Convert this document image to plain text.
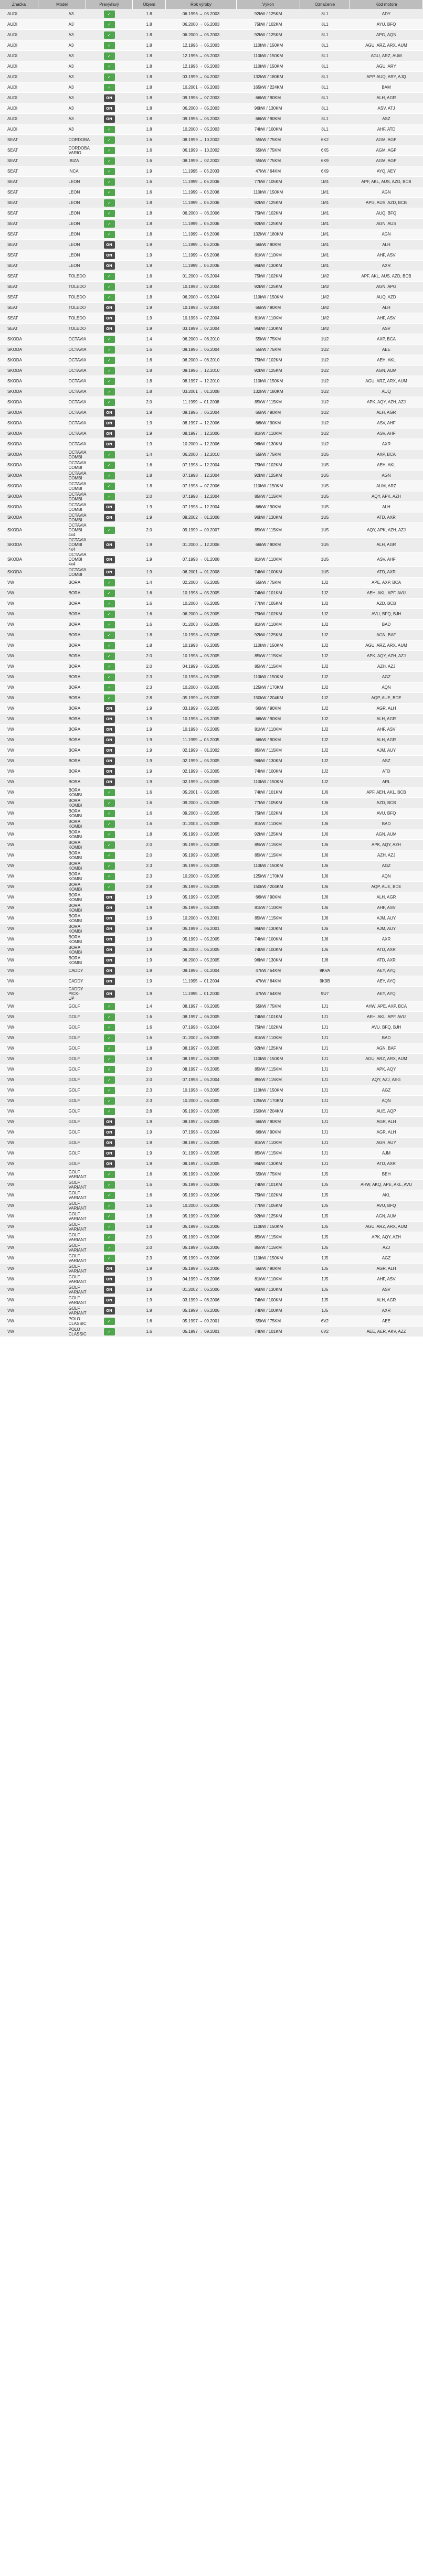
Značka	Model	Pravý/ľavý	Objem	Rok výroby	Výkon	Označenie	Kód motora
AUDI	A3	✓	1.8	06.1996 → 05.2003	92kW / 125KM	8L1	ADY
AUDI	A3	✓	1.8	06.2000 → 05.2003	75kW / 102KM	8L1	AYU, BFQ
AUDI	A3	✓	1.8	06.2000 → 05.2003	92kW / 125KM	8L1	APG, AQN
AUDI	A3	✓	1.8	12.1996 → 05.2003	110kW / 150KM	8L1	AGU, ARZ, ARX, AUM
AUDI	A3	✓	1.8	12.1996 → 05.2003	110kW / 150KM	8L1	AGU, ARZ, AUM
AUDI	A3	✓	1.8	12.1996 → 05.2003	110kW / 150KM	8L1	AGU, ARY
AUDI	A3	✓	1.8	03.1999 → 04.2002	132kW / 180KM	8L1	APP, AUQ, ARY, AJQ
AUDI	A3	✓	1.8	10.2001 → 05.2003	165kW / 224KM	8L1	BAM
AUDI	A3	ON	1.8	09.1996 → 07.2003	66kW / 90KM	8L1	ALH, AGR
AUDI	A3	ON	1.8	06.2000 → 05.2003	96kW / 130KM	8L1	ASV, ATJ
AUDI	A3	ON	1.8	09.1996 → 05.2003	66kW / 90KM	8L1	ASZ
AUDI	A3	✓	1.8	10.2000 → 05.2003	74kW / 100KM	8L1	AHF, ATD
SEAT	CORDOBA	✓	1.6	08.1999 → 10.2002	55kW / 75KM	6K2	AGM, AGP
SEAT	CORDOBA VARIO	✓	1.6	06.1999 → 10.2002	55kW / 75KM	6K5	AGM, AGP
SEAT	IBIZA	✓	1.6	08.1999 → 02.2002	55kW / 75KM	6K9	AGM, AGP
SEAT	INCA	✓	1.9	11.1995 → 06.2003	47kW / 64KM	6K9	AYQ, AEY
SEAT	LEON	✓	1.6	11.1999 → 06.2006	77kW / 105KM	1M1	APF, AKL, AUS, AZD, BCB
SEAT	LEON	✓	1.6	11.1999 → 06.2006	110kW / 150KM	1M1	AGN
SEAT	LEON	✓	1.8	11.1999 → 06.2006	92kW / 125KM	1M1	APG, AUS, AZD, BCB
SEAT	LEON	✓	1.8	06.2000 → 06.2006	75kW / 102KM	1M1	AUQ, BFQ
SEAT	LEON	✓	1.8	11.1999 → 06.2006	92kW / 125KM	1M1	AGN, AUS
SEAT	LEON	✓	1.8	11.1999 → 06.2006	132kW / 180KM	1M1	AGN
SEAT	LEON	ON	1.9	11.1999 → 06.2006	66kW / 90KM	1M1	ALH
SEAT	LEON	ON	1.9	11.1999 → 06.2006	81kW / 110KM	1M1	AHF, ASV
SEAT	LEON	ON	1.9	11.1999 → 06.2006	96kW / 130KM	1M1	AXR
SEAT	TOLEDO	✓	1.6	01.2000 → 05.2004	75kW / 102KM	1M2	APF, AKL, AUS, AZD, BCB
SEAT	TOLEDO	✓	1.8	10.1998 → 07.2004	92kW / 125KM	1M2	AGN, APG
SEAT	TOLEDO	✓	1.8	06.2000 → 05.2004	110kW / 150KM	1M2	AUQ, AZD
SEAT	TOLEDO	ON	1.9	10.1998 → 07.2004	66kW / 90KM	1M2	ALH
SEAT	TOLEDO	ON	1.9	10.1998 → 07.2004	81kW / 110KM	1M2	AHF, ASV
SEAT	TOLEDO	ON	1.9	03.1999 → 07.2004	96kW / 130KM	1M2	ASV
SKODA	OCTAVIA	✓	1.4	06.2000 → 06.2010	55kW / 75KM	1U2	AXP, BCA
SKODA	OCTAVIA	✓	1.6	09.1996 → 06.2004	55kW / 75KM	1U2	AEE
SKODA	OCTAVIA	✓	1.6	06.2000 → 06.2010	75kW / 102KM	1U2	AEH, AKL
SKODA	OCTAVIA	✓	1.8	09.1996 → 12.2010	92kW / 125KM	1U2	AGN, AUM
SKODA	OCTAVIA	✓	1.8	08.1997 → 12.2010	110kW / 150KM	1U2	AGU, ARZ, ARX, AUM
SKODA	OCTAVIA	✓	1.8	03.2001 → 01.2008	132kW / 180KM	1U2	AUQ
SKODA	OCTAVIA	✓	2.0	11.1999 → 01.2008	85kW / 115KM	1U2	APK, AQY, AZH, AZJ
SKODA	OCTAVIA	ON	1.9	09.1996 → 06.2004	66kW / 90KM	1U2	ALH, AGR
SKODA	OCTAVIA	ON	1.9	08.1997 → 12.2006	66kW / 90KM	1U2	ASV, AHF
SKODA	OCTAVIA	ON	1.9	08.1997 → 12.2006	81kW / 110KM	1U2	ASV, AHF
SKODA	OCTAVIA	ON	1.9	10.2000 → 12.2006	96kW / 130KM	1U2	AXR
SKODA	OCTAVIA COMBI	✓	1.4	06.2000 → 12.2010	55kW / 75KM	1U5	AXP, BCA
SKODA	OCTAVIA COMBI	✓	1.6	07.1998 → 12.2004	75kW / 102KM	1U5	AEH, AKL
SKODA	OCTAVIA COMBI	✓	1.8	07.1998 → 12.2004	92kW / 125KM	1U5	AGN
SKODA	OCTAVIA COMBI	✓	1.8	07.1998 → 07.2006	110kW / 150KM	1U5	AUM, ARZ
SKODA	OCTAVIA COMBI	✓	2.0	07.1998 → 12.2004	85kW / 115KM	1U5	AQY, APK, AZH
SKODA	OCTAVIA COMBI	ON	1.9	07.1998 → 12.2004	66kW / 90KM	1U5	ALH
SKODA	OCTAVIA COMBI	ON	1.9	08.2002 → 01.2008	96kW / 130KM	1U5	ATD, AXR
SKODA	OCTAVIA COMBI 4x4	✓	2.0	09.1999 → 09.2007	85kW / 115KM	1U5	AQY, APK, AZH, AZJ
SKODA	OCTAVIA COMBI 4x4	ON	1.9	01.2000 → 12.2006	66kW / 90KM	1U5	ALH, AGR
SKODA	OCTAVIA COMBI 4x4	ON	1.9	07.1998 → 01.2008	81kW / 110KM	1U5	ASV, AHF
SKODA	OCTAVIA COMBI	ON	1.9	06.2001 → 01.2008	74kW / 100KM	1U5	ATD, AXR
VW	BORA	✓	1.4	02.2000 → 05.2005	55kW / 75KM	1J2	APE, AXP, BCA
VW	BORA	✓	1.6	10.1998 → 05.2005	74kW / 101KM	1J2	AEH, AKL, APF, AVU
VW	BORA	✓	1.6	10.2000 → 05.2005	77kW / 105KM	1J2	AZD, BCB
VW	BORA	✓	1.6	06.2000 → 05.2005	75kW / 102KM	1J2	AVU, BFQ, BJH
VW	BORA	✓	1.6	01.2003 → 05.2005	81kW / 110KM	1J2	BAD
VW	BORA	✓	1.8	10.1998 → 05.2005	92kW / 125KM	1J2	AGN, BAF
VW	BORA	✓	1.8	10.1998 → 05.2005	110kW / 150KM	1J2	AGU, ARZ, ARX, AUM
VW	BORA	✓	2.0	10.1998 → 05.2005	85kW / 115KM	1J2	APK, AQY, AZH, AZJ
VW	BORA	✓	2.0	04.1999 → 05.2005	85kW / 115KM	1J2	AZH, AZJ
VW	BORA	✓	2.3	10.1998 → 05.2005	110kW / 150KM	1J2	AGZ
VW	BORA	✓	2.3	10.2000 → 05.2005	125kW / 170KM	1J2	AQN
VW	BORA	✓	2.8	05.1999 → 05.2005	150kW / 204KM	1J2	AQP, AUE, BDE
VW	BORA	ON	1.9	03.1999 → 05.2005	66kW / 90KM	1J2	AGR, ALH
VW	BORA	ON	1.9	10.1998 → 05.2005	66kW / 90KM	1J2	ALH, AGR
VW	BORA	ON	1.9	10.1998 → 05.2005	81kW / 110KM	1J2	AHF, ASV
VW	BORA	ON	1.9	11.1999 → 05.2005	66kW / 90KM	1J2	ALH, AGR
VW	BORA	ON	1.9	02.1999 → 01.2002	85kW / 115KM	1J2	AJM, AUY
VW	BORA	ON	1.9	02.1999 → 05.2005	96kW / 130KM	1J2	ASZ
VW	BORA	ON	1.9	02.1999 → 05.2005	74kW / 100KM	1J2	ATD
VW	BORA	ON	1.9	02.1999 → 05.2005	110kW / 150KM	1J2	ARL
VW	BORA KOMBI	✓	1.6	05.2001 → 05.2005	74kW / 101KM	1J6	APF, AEH, AKL, BCB
VW	BORA KOMBI	✓	1.6	09.2000 → 05.2005	77kW / 105KM	1J6	AZD, BCB
VW	BORA KOMBI	✓	1.6	09.2000 → 05.2005	75kW / 102KM	1J6	AVU, BFQ
VW	BORA KOMBI	✓	1.6	01.2003 → 05.2005	81kW / 110KM	1J6	BAD
VW	BORA KOMBI	✓	1.8	05.1999 → 05.2005	92kW / 125KM	1J6	AGN, AUM
VW	BORA KOMBI	✓	2.0	05.1999 → 05.2005	85kW / 115KM	1J6	APK, AQY, AZH
VW	BORA KOMBI	✓	2.0	05.1999 → 05.2005	85kW / 115KM	1J6	AZH, AZJ
VW	BORA KOMBI	✓	2.3	05.1999 → 05.2005	110kW / 150KM	1J6	AGZ
VW	BORA KOMBI	✓	2.3	10.2000 → 05.2005	125kW / 170KM	1J6	AQN
VW	BORA KOMBI	✓	2.8	05.1999 → 05.2005	150kW / 204KM	1J6	AQP, AUE, BDE
VW	BORA KOMBI	ON	1.9	05.1999 → 05.2005	66kW / 90KM	1J6	ALH, AGR
VW	BORA KOMBI	ON	1.9	05.1999 → 05.2005	81kW / 110KM	1J6	AHF, ASV
VW	BORA KOMBI	ON	1.9	10.2000 → 06.2001	85kW / 115KM	1J6	AJM, AUY
VW	BORA KOMBI	ON	1.9	05.1999 → 06.2001	96kW / 130KM	1J6	AJM, AUY
VW	BORA KOMBI	ON	1.9	05.1999 → 05.2005	74kW / 100KM	1J6	AXR
VW	BORA KOMBI	ON	1.9	06.2000 → 05.2005	74kW / 100KM	1J6	ATD, AXR
VW	BORA KOMBI	ON	1.9	06.2000 → 05.2005	96kW / 130KM	1J6	ATD, AXR
VW	CADDY	ON	1.9	09.1996 → 01.2004	47kW / 64KM	9KVA	AEY, AYQ
VW	CADDY	ON	1.9	11.1995 → 01.2004	47kW / 64KM	9K9B	AEY, AYQ
VW	CADDY PICK-UP	ON	1.9	11.1995 → 01.2000	47kW / 64KM	9U7	AEY, AYQ
VW	GOLF	✓	1.4	08.1997 → 06.2005	55kW / 75KM	1J1	AHW, APE, AXP, BCA
VW	GOLF	✓	1.6	08.1997 → 06.2005	74kW / 101KM	1J1	AEH, AKL, APF, AVU
VW	GOLF	✓	1.6	07.1998 → 05.2004	75kW / 102KM	1J1	AVU, BFQ, BJH
VW	GOLF	✓	1.6	01.2002 → 06.2005	81kW / 110KM	1J1	BAD
VW	GOLF	✓	1.8	08.1997 → 06.2005	92kW / 125KM	1J1	AGN, BAF
VW	GOLF	✓	1.8	08.1997 → 06.2005	110kW / 150KM	1J1	AGU, ARZ, ARX, AUM
VW	GOLF	✓	2.0	08.1997 → 06.2005	85kW / 115KM	1J1	APK, AQY
VW	GOLF	✓	2.0	07.1998 → 05.2004	85kW / 115KM	1J1	AQY, AZJ, AEG
VW	GOLF	✓	2.3	10.1998 → 06.2005	110kW / 150KM	1J1	AGZ
VW	GOLF	✓	2.3	10.2000 → 06.2005	125kW / 170KM	1J1	AQN
VW	GOLF	✓	2.8	05.1999 → 06.2005	150kW / 204KM	1J1	AUE, AQP
VW	GOLF	ON	1.9	08.1997 → 06.2005	66kW / 90KM	1J1	AGR, ALH
VW	GOLF	ON	1.9	07.1998 → 05.2004	66kW / 90KM	1J1	AGR, ALH
VW	GOLF	ON	1.9	08.1997 → 06.2005	81kW / 110KM	1J1	AGR, AUY
VW	GOLF	ON	1.9	01.1999 → 06.2005	85kW / 115KM	1J1	AJM
VW	GOLF	ON	1.9	08.1997 → 06.2005	96kW / 130KM	1J1	ATD, AXR
VW	GOLF VARIANT	✓	1.6	05.1999 → 06.2006	55kW / 75KM	1J5	BEH
VW	GOLF VARIANT	✓	1.6	05.1999 → 06.2006	74kW / 101KM	1J5	AHW, AKQ, APE, AKL, AVU
VW	GOLF VARIANT	✓	1.6	05.1999 → 06.2006	75kW / 102KM	1J5	AKL
VW	GOLF VARIANT	✓	1.6	10.2000 → 06.2006	77kW / 105KM	1J5	AVU, BFQ
VW	GOLF VARIANT	✓	1.8	05.1999 → 06.2006	92kW / 125KM	1J5	AGN, AUM
VW	GOLF VARIANT	✓	1.8	05.1999 → 06.2006	110kW / 150KM	1J5	AGU, ARZ, ARX, AUM
VW	GOLF VARIANT	✓	2.0	05.1999 → 06.2006	85kW / 115KM	1J5	APK, AQY, AZH
VW	GOLF VARIANT	✓	2.0	05.1999 → 06.2006	85kW / 115KM	1J5	AZJ
VW	GOLF VARIANT	✓	2.3	05.1999 → 06.2006	110kW / 150KM	1J5	AGZ
VW	GOLF VARIANT	ON	1.9	05.1999 → 06.2006	66kW / 90KM	1J5	AGR, ALH
VW	GOLF VARIANT	ON	1.9	04.1999 → 06.2006	81kW / 110KM	1J5	AHF, ASV
VW	GOLF VARIANT	ON	1.9	01.2002 → 06.2006	96kW / 130KM	1J5	ASV
VW	GOLF VARIANT	ON	1.9	03.1999 → 06.2006	74kW / 100KM	1J5	ALH, AGR
VW	GOLF VARIANT	ON	1.9	05.1999 → 06.2006	74kW / 100KM	1J5	AXR
VW	POLO CLASSIC	✓	1.6	05.1997 → 09.2001	55kW / 75KM	6V2	AEE
VW	POLO CLASSIC	✓	1.6	05.1997 → 09.2001	74kW / 101KM	6V2	AEE, AER, AKV, AZZ
